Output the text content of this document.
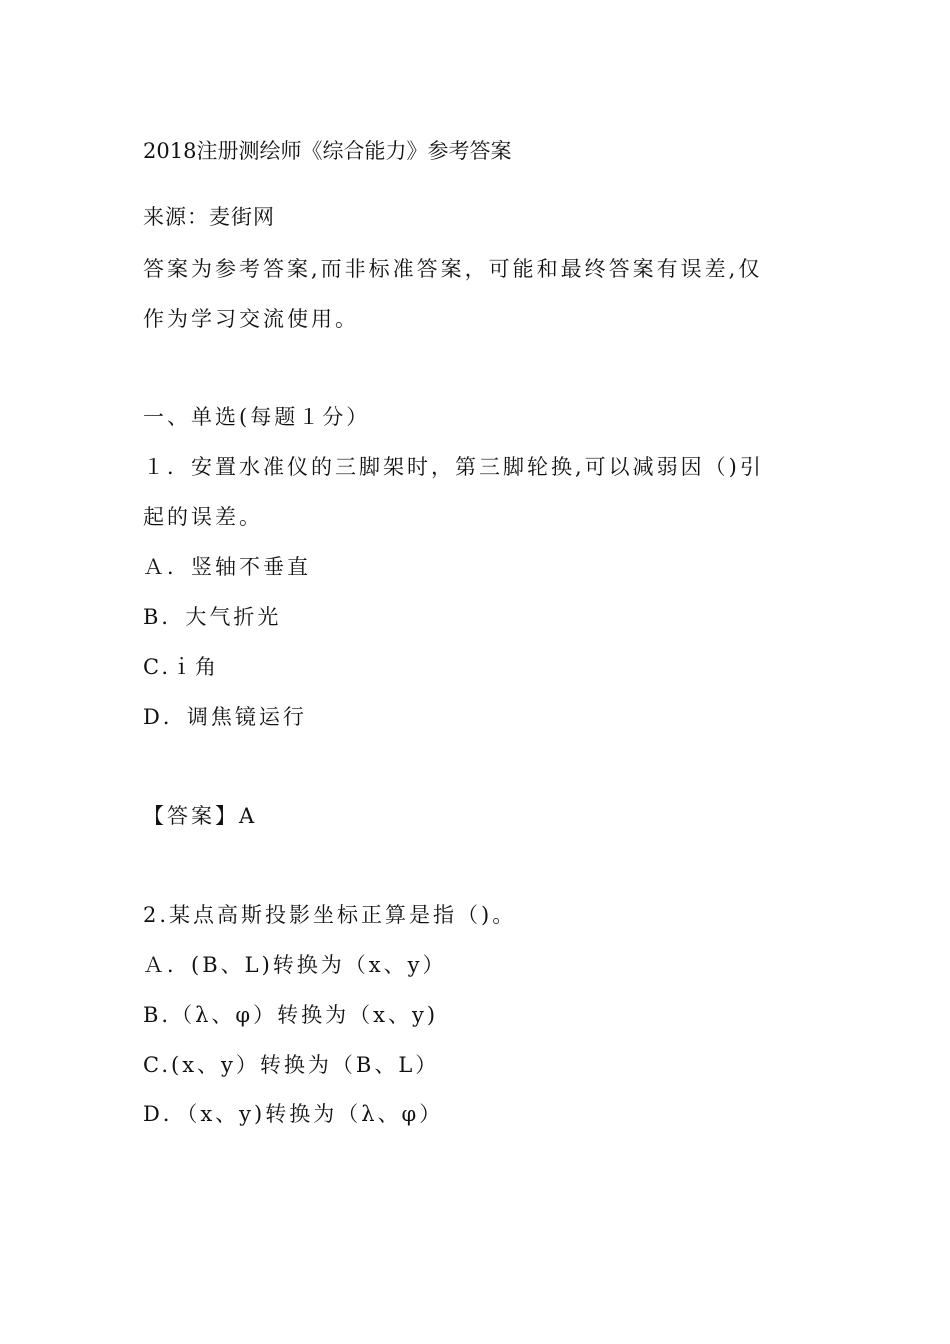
2018注册测绘师《综合能力》参考答案
来源：麦街网
答案为参考答案,而非标准答案，可能和最终答案有误差,仅
作为学习交流使用。
一、单选(每题１分）
１．安置水准仪的三脚架时，第三脚轮换,可以减弱因（)引
起的误差。
Ａ．竖轴不垂直
B．大气折光
C.ｉ角
D．调焦镜运行
【答案】A
2.某点高斯投影坐标正算是指（)。
Ａ．(B、L)转换为（x、y）
B.（λ、φ）转换为（x、y)
C.(x、y）转换为（B、L）
D．（x、y)转换为（λ、φ）
